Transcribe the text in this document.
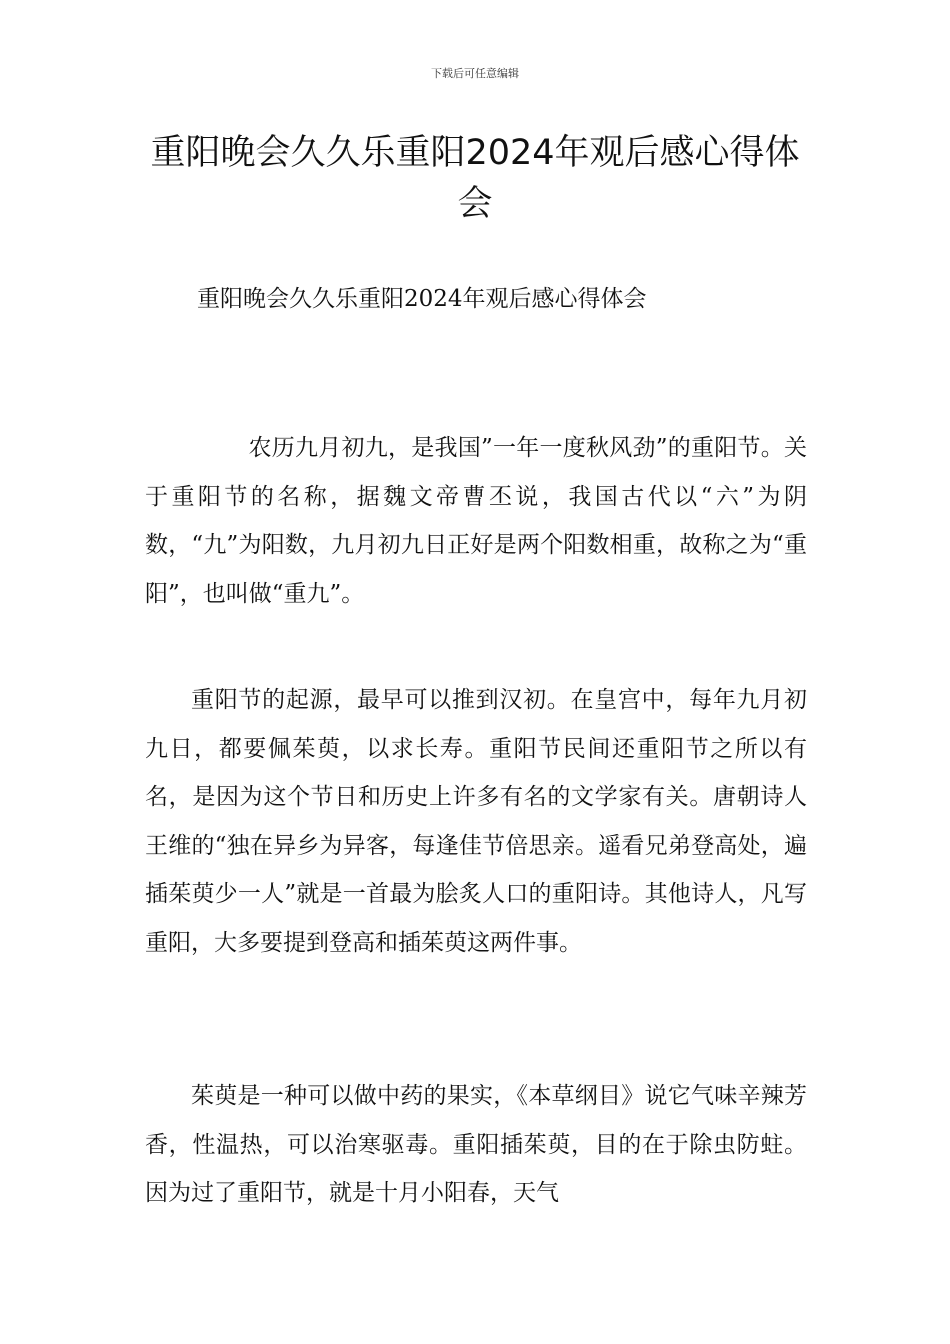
下载后可任意编辑
重阳晚会久久乐重阳2024年观后感心得体会

重阳晚会久久乐重阳2024年观后感心得体会

农历九月初九，是我国”一年一度秋风劲”的重阳节。关于重阳节的名称，据魏文帝曹丕说，我国古代以“六”为阴数，“九”为阳数，九月初九日正好是两个阳数相重，故称之为“重阳”，也叫做“重九”。

重阳节的起源，最早可以推到汉初。在皇宫中，每年九月初九日，都要佩茱萸，以求长寿。重阳节民间还重阳节之所以有名，是因为这个节日和历史上许多有名的文学家有关。唐朝诗人王维的“独在异乡为异客，每逢佳节倍思亲。遥看兄弟登高处，遍插茱萸少一人”就是一首最为脍炙人口的重阳诗。其他诗人，凡写重阳，大多要提到登高和插茱萸这两件事。

茱萸是一种可以做中药的果实，《本草纲目》说它气味辛辣芳香，性温热，可以治寒驱毒。重阳插茱萸，目的在于除虫防蛀。因为过了重阳节，就是十月小阳春，天气
